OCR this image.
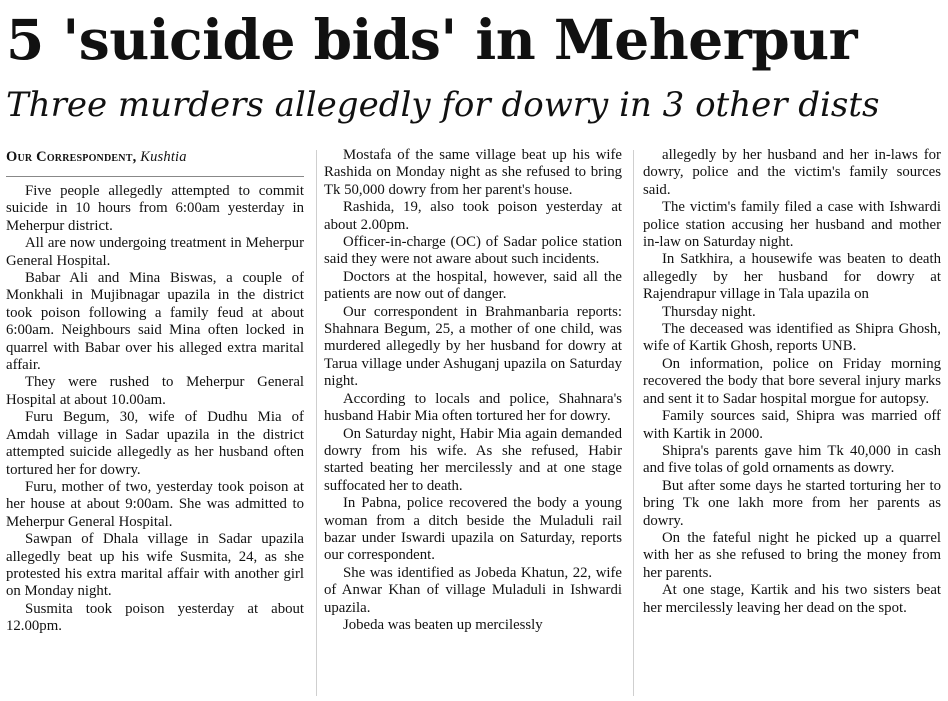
5 'suicide bids' in Meherpur
Three murders allegedly for dowry in 3 other dists
Our Correspondent, Kushtia

Five people allegedly attempted to commit suicide in 10 hours from 6:00am yesterday in Meherpur district.

All are now undergoing treatment in Meherpur General Hospital.

Babar Ali and Mina Biswas, a couple of Monkhali in Mujibnagar upazila in the district took poison following a family feud at about 6:00am. Neighbours said Mina often locked in quarrel with Babar over his alleged extra marital affair.

They were rushed to Meherpur General Hospital at about 10.00am.

Furu Begum, 30, wife of Dudhu Mia of Amdah village in Sadar upazila in the district attempted suicide allegedly as her husband often tortured her for dowry.

Furu, mother of two, yesterday took poison at her house at about 9:00am. She was admitted to Meherpur General Hospital.

Sawpan of Dhala village in Sadar upazila allegedly beat up his wife Susmita, 24, as she protested his extra marital affair with another girl on Monday night.

Susmita took poison yesterday at about 12.00pm.

Mostafa of the same village beat up his wife Rashida on Monday night as she refused to bring Tk 50,000 dowry from her parent's house.

Rashida, 19, also took poison yesterday at about 2.00pm.

Officer-in-charge (OC) of Sadar police station said they were not aware about such incidents.

Doctors at the hospital, however, said all the patients are now out of danger.

Our correspondent in Brahmanbaria reports: Shahnara Begum, 25, a mother of one child, was murdered allegedly by her husband for dowry at Tarua village under Ashuganj upazila on Saturday night.

According to locals and police, Shahnara's husband Habir Mia often tortured her for dowry.

On Saturday night, Habir Mia again demanded dowry from his wife. As she refused, Habir started beating her mercilessly and at one stage suffocated her to death.

In Pabna, police recovered the body a young woman from a ditch beside the Muladuli rail bazar under Iswardi upazila on Saturday, reports our correspondent.

She was identified as Jobeda Khatun, 22, wife of Anwar Khan of village Muladuli in Ishwardi upazila.

Jobeda was beaten up mercilessly

allegedly by her husband and her in-laws for dowry, police and the victim's family sources said.

The victim's family filed a case with Ishwardi police station accusing her husband and mother in-law on Saturday night.

In Satkhira, a housewife was beaten to death allegedly by her husband for dowry at Rajendrapur village in Tala upazila on

Thursday night.

The deceased was identified as Shipra Ghosh, wife of Kartik Ghosh, reports UNB.

On information, police on Friday morning recovered the body that bore several injury marks and sent it to Sadar hospital morgue for autopsy.

Family sources said, Shipra was married off with Kartik in 2000.

Shipra's parents gave him Tk 40,000 in cash and five tolas of gold ornaments as dowry.

But after some days he started torturing her to bring Tk one lakh more from her parents as dowry.

On the fateful night he picked up a quarrel with her as she refused to bring the money from her parents.

At one stage, Kartik and his two sisters beat her mercilessly leaving her dead on the spot.
